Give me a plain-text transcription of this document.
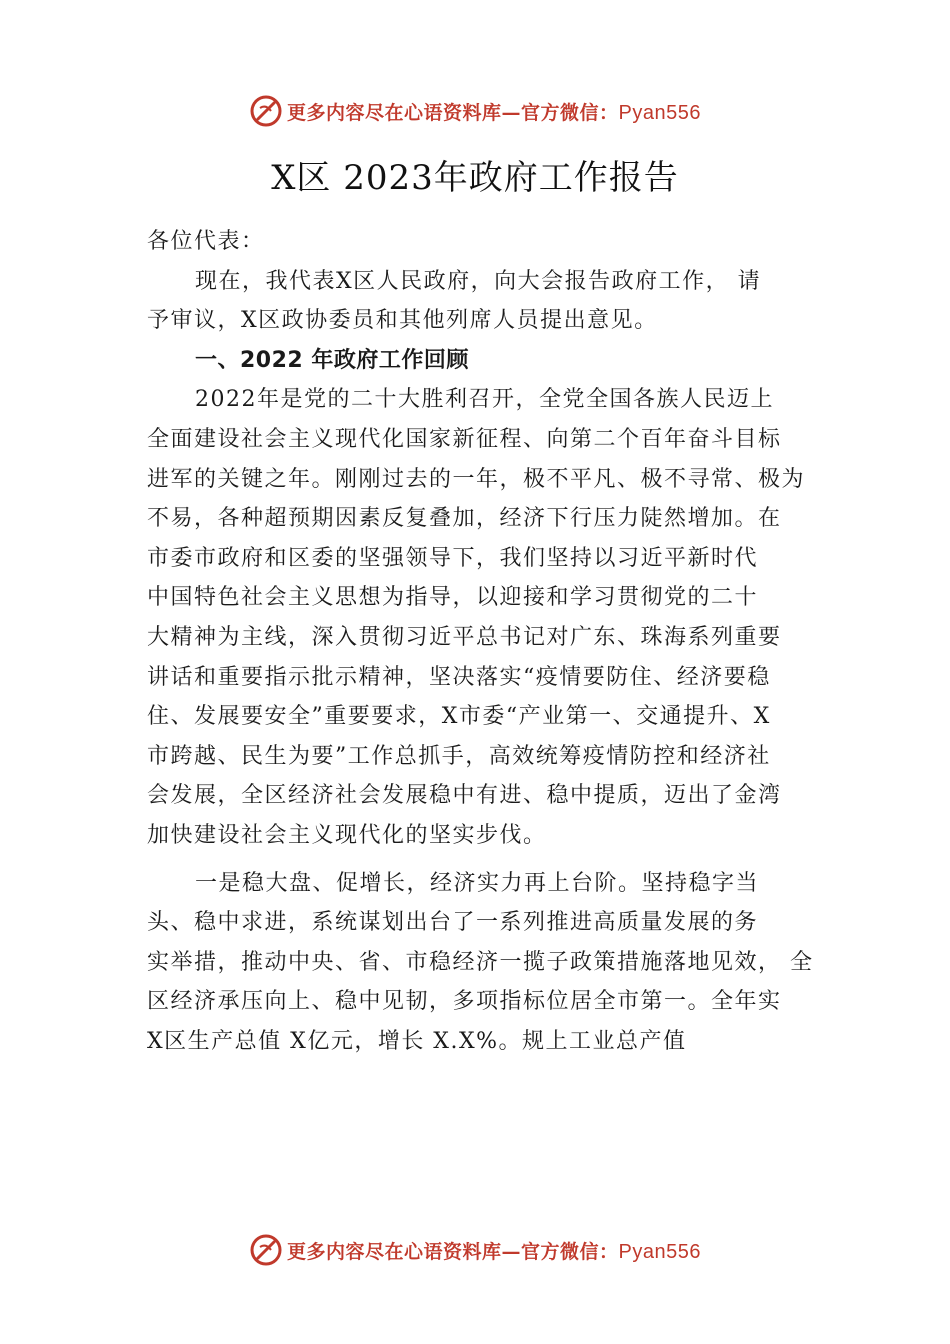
更多内容尽在心语资料库—官方微信：Pyan556
X区 2023年政府工作报告
各位代表：
现在，我代表X区人民政府，向大会报告政府工作， 请
予审议，X区政协委员和其他列席人员提出意见。
一、2022 年政府工作回顾
2022年是党的二十大胜利召开，全党全国各族人民迈上
全面建设社会主义现代化国家新征程、向第二个百年奋斗目标
进军的关键之年。刚刚过去的一年，极不平凡、极不寻常、极为
不易，各种超预期因素反复叠加，经济下行压力陡然增加。在
市委市政府和区委的坚强领导下，我们坚持以习近平新时代
中国特色社会主义思想为指导，以迎接和学习贯彻党的二十
大精神为主线，深入贯彻习近平总书记对广东、珠海系列重要
讲话和重要指示批示精神，坚决落实“疫情要防住、经济要稳
住、发展要安全”重要要求，X市委“产业第一、交通提升、X
市跨越、民生为要”工作总抓手，高效统筹疫情防控和经济社
会发展，全区经济社会发展稳中有进、稳中提质，迈出了金湾
加快建设社会主义现代化的坚实步伐。
一是稳大盘、促增长，经济实力再上台阶。坚持稳字当
头、稳中求进，系统谋划出台了一系列推进高质量发展的务
实举措，推动中央、省、市稳经济一揽子政策措施落地见效， 全
区经济承压向上、稳中见韧，多项指标位居全市第一。全年实
X区生产总值 X亿元，增长 X.X%。规上工业总产值
更多内容尽在心语资料库—官方微信：Pyan556
